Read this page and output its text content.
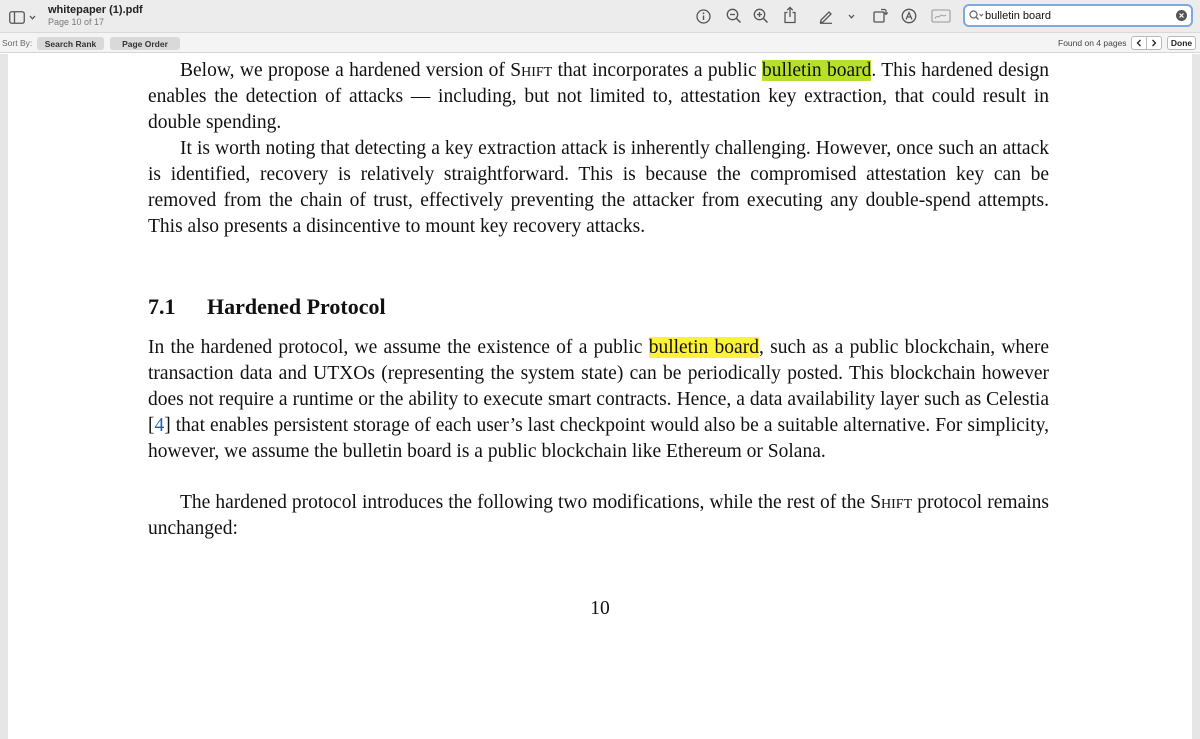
whitepaper (1).pdf
Page 10 of 17
bulletin board
Sort By:	Search Rank	Page Order	Found on 4 pages	Done

Below, we propose a hardened version of Shift that incorporates a public bulletin board. This hardened design enables the detection of attacks — including, but not limited to, attestation key extraction, that could result in double spending.

It is worth noting that detecting a key extraction attack is inherently challenging. However, once such an attack is identified, recovery is relatively straightforward. This is because the compromised attestation key can be removed from the chain of trust, effectively preventing the attacker from executing any double-spend attempts. This also presents a disincentive to mount key recovery attacks.

7.1 Hardened Protocol

In the hardened protocol, we assume the existence of a public bulletin board, such as a public blockchain, where transaction data and UTXOs (representing the system state) can be periodically posted. This blockchain however does not require a runtime or the ability to execute smart contracts. Hence, a data availability layer such as Celestia [4] that enables persistent storage of each user’s last checkpoint would also be a suitable alternative. For simplicity, however, we assume the bulletin board is a public blockchain like Ethereum or Solana.

The hardened protocol introduces the following two modifications, while the rest of the Shift protocol remains unchanged:

10
